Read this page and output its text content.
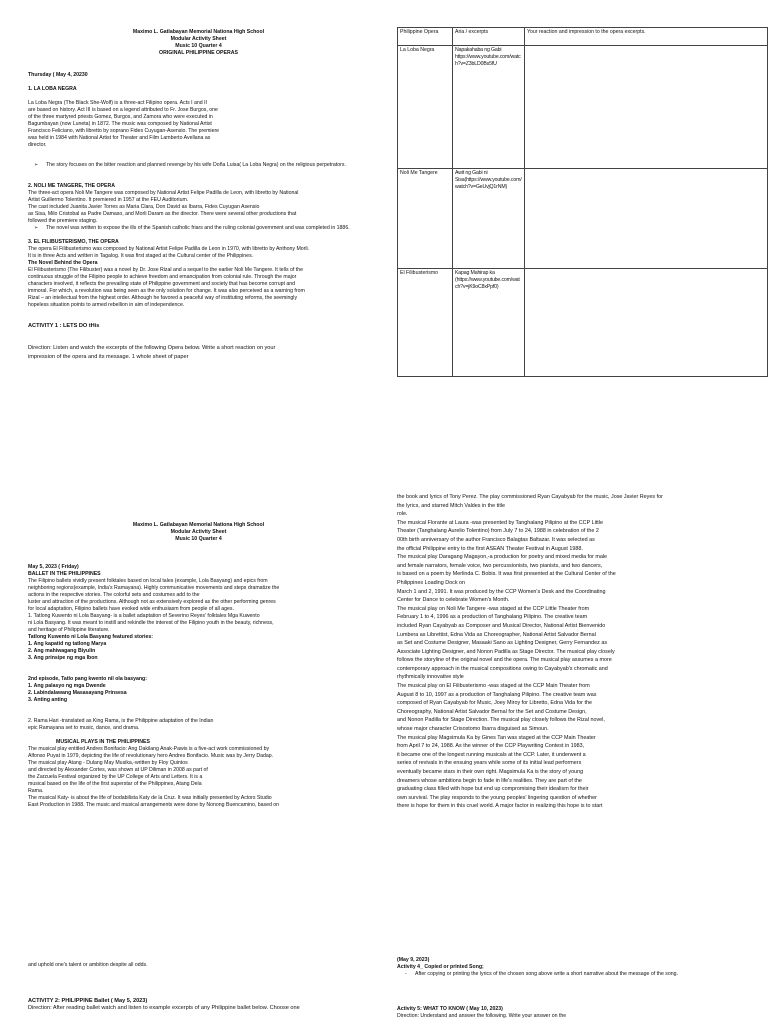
Maximo L. Gatlabayan Memorial Nationa High School

Modular Activity Sheet

Music 10 Quarter 4

ORIGINAL PHILIPPINE OPERAS

Thursday ( May 4, 20230

1. LA LOBA NEGRA

La Loba Negra (The Black She-Wolf) is a three-act Filipino opera. Acts I and II

are based on history. Act III is based on a legend attributed to Fr. Jose Burgos, one

of the three martyred priests Gomez, Burgos, and Zamora who were executed in

Bagumbayan (now Luneta) in 1872. The music was composed by National Artist

Francisco Feliciano, with libretto by soprano Fides Cuyugan-Asensio. The premiere

was held in 1984 with National Artist for Theater and Film Lamberto Avellana as

director.

➢ The story focuses on the bitter reaction and planned revenge by his wife Doña Luisa( La Loba Negra) on the religious perpetrators.

2. NOLI ME TANGERE, THE OPERA

The three-act opera Noli Me Tangere was composed by National Artist Felipe Padilla de Leon, with libretto by National

Artist Guillermo Tolentino. It premiered in 1957 at the FEU Auditorium.

The cast included Juanita Javier Torres as Maria Clara, Don David as Ibarra, Fides Cuyugan Asensio

as Sisa, Milo Cristobal as Padre Damaso, and Morli Daram as the director. There were several other productions that

followed the premiere staging.

➢ The novel was written to expose the ills of the Spanish catholic friars and the ruling colonial government and was completed in 1886.

3. EL FILIBUSTERISMO, THE OPERA

The opera El Filibusterismo was composed by National Artist Felipe Padilla de Leon in 1970, with libretto by Anthony Morli.

It is in three Acts and written in Tagalog. It was first staged at the Cultural center of the Philippines.

The Novel Behind the Opera

El Filibusterismo (The Filibuster) was a novel by Dr. Jose Rizal and a sequel to the earlier Noli Me Tangere. It tells of the

continuous struggle of the Filipino people to achieve freedom and emancipation from colonial rule. Through the major

characters involved, it reflects the prevailing state of Philippine government and society that has become corrupt and

immoral. For which, a revolution was being seen as the only solution for change. It was also perceived as a warning from

Rizal – an intellectual from the highest order. Although he favored a peaceful way of instituting reforms, the seemingly

hopeless situation points to armed rebellion in aim of independence.

ACTIVITY 1 : LETS DO tHis

Direction: Listen and watch the excerpts of the following Opera below. Write a short reaction on your

impression of the opera and its message. 1 whole sheet of paper

Philippine Opera	Aria / excerpts	Your reaction and impression to the opera excerpts.
La Loba Negra	Napakahaba ng Gabi https://www.youtube.com/watch?v=Z3bLD0Bs5fU	
Noli Me Tangere	Awit ng Gabi ni Sisa(https://www.youtube.com/watch?v=GeUvjQ1rNM)	
El Filibusterismo	Kapag Mahirap ka (https://www.youtube.com/watch?v=jK9oC8xPpf0)	

Maximo L. Gatlabayan Memorial Nationa High School

Modular Activity Sheet

Music 10 Quarter 4

May 5, 2023 ( Friday)

BALLET IN THE PHILIPPINES

The Filipino ballets vividly present folktales based on local tales (example, Lola Basyang) and epics from

neighboring regions(example, India's Ramayana). Highly communicative movements and steps dramatize the

actions in the respective stories. The colorful sets and costumes add to the

luster and attraction of the productions. Although not as extensively explored as the other performing genres

for local adaptation, Filipino ballets have evoked wide enthusiasm from people of all ages.

1. Tatlong Kuwento ni Lola Basyang- is a ballet adaptation of Severino Reyes' folktales Mga Kuwento

ni Lola Basyang. It was meant to instill and rekindle the interest of the Filipino youth in the beauty, richness,

and heritage of Philippine literature.

Tatlong Kuwento ni Lola Basyang featured stories:

1. Ang kapatid ng tatlong Marya

2. Ang mahiwagang Biyulin

3. Ang prinsipe ng mga Ibon

2nd episode, Tatlo pang kwento nil ola basyang:

1. Ang palasyo ng mga Dwende

2. Labindalawang Masasayang Prinsesa

3. Anting anting

2. Rama Hari -translated as King Rama, is the Philippine adaptation of the Indian

epic Ramayana set to music, dance, and drama.

MUSICAL PLAYS IN THE PHILIPPINES

The musical play entitled Andres Bonifacio: Ang Dakilang Anak-Pawis is a five-act work commissioned by

Alfonso Puyat in 1979, depicting the life of revolutionary hero Andres Bonifacio. Music was by Jerry Dadap.

The musical play Atang - Dulang May Musika,-written by Floy Quintos

and directed by Alexander Cortes, was shown at UP Diliman in 2008 as part of

the Zarzuela Festival organized by the UP College of Arts and Letters. It is a

musical based on the life of the first superstar of the Philippines, Atang Dela

Rama.

The musical Katy- is about the life of bodabilista Katy de la Cruz. It was initially presented by Actors Studio

East Production in 1988. The music and musical arrangements were done by Nonong Buencamino, based on

and uphold one's talent or ambition despite all odds.

ACTIVITY 2: PHILIPPINE Ballet ( May 5, 2023)

Direction: After reading ballet watch and listen to example excerpts of any Philippine ballet below. Choose one

the book and lyrics of Tony Perez. The play commissioned Ryan Cayabyab for the music, Jose Javier Reyes for

the lyrics, and starred Mitch Valdes in the title

role.

The musical Florante at Laura -was presented by Tanghalang Pilipino at the CCP Little

Theater (Tanghalang Aurelio Tolentino) from July 7 to 24, 1988 in celebration of the 2

00th birth anniversary of the author Francisco Balagtas Baltazar. It was selected as

the official Philippine entry to the first ASEAN Theater Festival in August 1988.

The musical play Daragang Magayon,-a production for poetry and mixed media for male

and female narrators, female voice, two percussionists, two pianists, and two dancers,

is based on a poem by Merlinda C. Bobis. It was first presented at the Cultural Center of the

Philippines Loading Dock on

March 1 and 2, 1991. It was produced by the CCP Women's Desk and the Coordinating

Center for Dance to celebrate Women's Month.

The musical play on Noli Me Tangere -was staged at the CCP Little Theater from

February 1 to 4, 1996 as a production of Tanghalang Pilipino. The creative team

included Ryan Cayabyab as Composer and Musical Director, National Artist Bienvenido

Lumbera as Librettist, Edna Vida as Choreographer, National Artist Salvador Bernal

as Set and Costume Designer, Masaaki Sano as Lighting Designer, Gerry Fernandez as

Associate Lighting Designer, and Nonon Padilla as Stage Director. The musical play closely

follows the storyline of the original novel and the opera. The musical play assumes a more

contemporary approach in the musical compositions owing to Cayabyab's chromatic and

rhythmically innovative style

The musical play on El Filibusterismo -was staged at the CCP Main Theater from

August 8 to 10, 1997 as a production of Tanghalang Pilipino. The creative team was

composed of Ryan Cayabyab for Music, Joey Miroy for Libretto, Edna Vida for the

Choreography, National Artist Salvador Bernal for the Set and Costume Design,

and Nonon Padilla for Stage Direction. The musical play closely follows the Rizal novel,

whose major character Crisostomo Ibarra disguised as Simoun.

The musical play Magsimula Ka by Gines Tan was staged at the CCP Main Theater

from April 7 to 24, 1988. As the winner of the CCP Playwriting Contest in 1983,

it became one of the longest running musicals at the CCP. Later, it underwent a

series of revivals in the ensuing years while some of its initial lead performers

eventually became stars in their own right. Magsimula Ka is the story of young

dreamers whose ambitions begin to fade in life's realities. They are part of the

graduating class filled with hope but end up compromising their idealism for their

own survival. The play responds to the young peoples' lingering question of whether

there is hope for them in this cruel world. A major factor in realizing this hope is to start

(May 9, 2023)

Activity 4_ Copied or printed Song;

- After copying or printing the lyrics of the chosen song above write a short narrative about the message of the song.

Activity 5: WHAT TO KNOW ( May 10, 2023)

Direction: Understand and answer the following. Write your answer on the
